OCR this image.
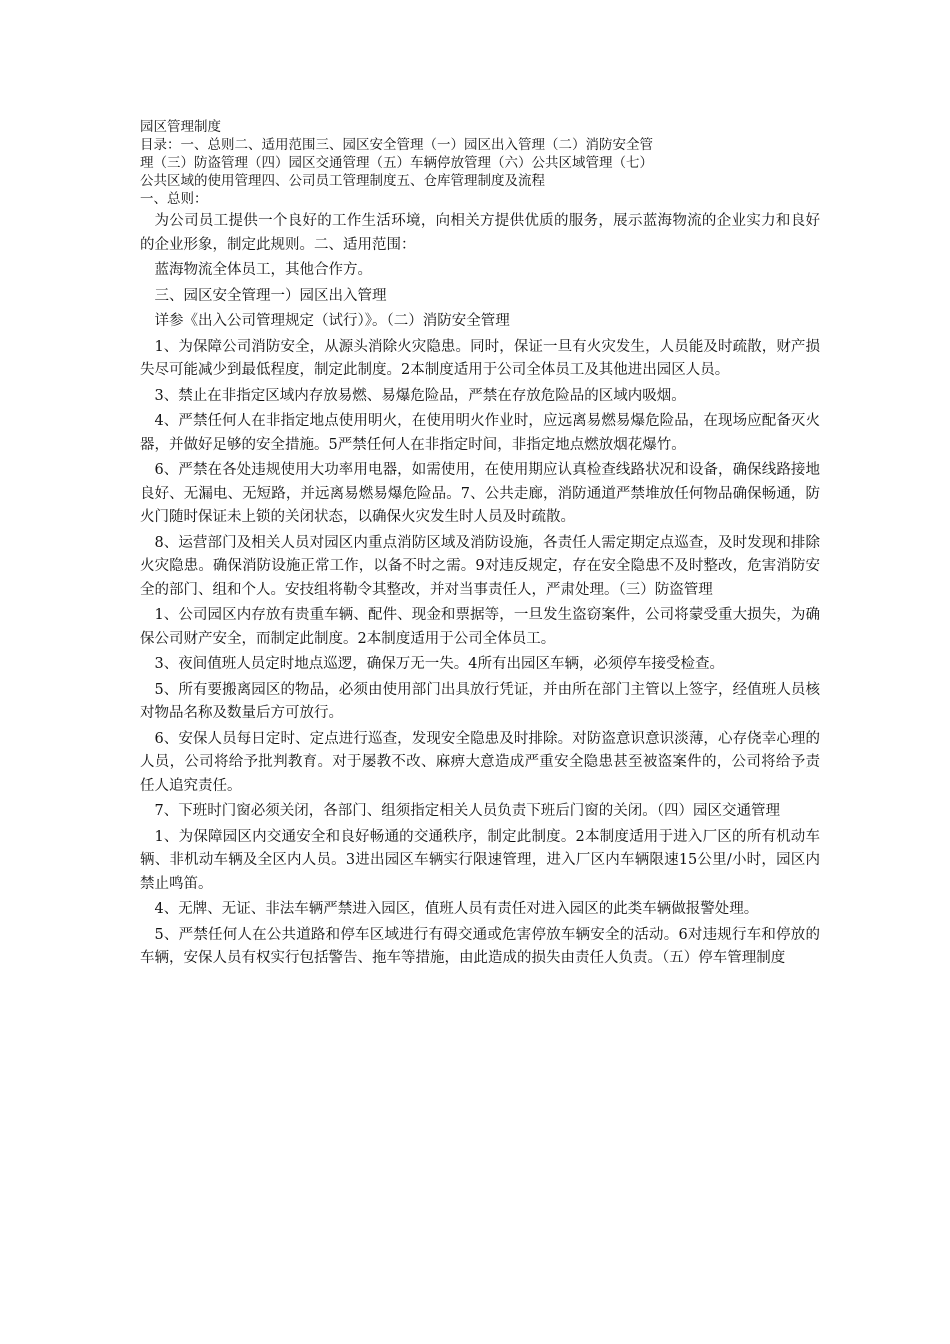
园区管理制度
目录：一、总则二、适用范围三、园区安全管理（一）园区出入管理（二）消防安全管
理（三）防盗管理（四）园区交通管理（五）车辆停放管理（六）公共区域管理（七）
公共区域的使用管理四、公司员工管理制度五、仓库管理制度及流程
一、总则：

为公司员工提供一个良好的工作生活环境，向相关方提供优质的服务，展示蓝海物流的企业实力和良好的企业形象，制定此规则。二、适用范围：

蓝海物流全体员工，其他合作方。

三、园区安全管理一）园区出入管理

详参《出入公司管理规定（试行）》。（二）消防安全管理

1、为保障公司消防安全，从源头消除火灾隐患。同时，保证一旦有火灾发生，人员能及时疏散，财产损失尽可能减少到最低程度，制定此制度。2本制度适用于公司全体员工及其他进出园区人员。

3、禁止在非指定区域内存放易燃、易爆危险品，严禁在存放危险品的区域内吸烟。

4、严禁任何人在非指定地点使用明火，在使用明火作业时，应远离易燃易爆危险品，在现场应配备灭火器，并做好足够的安全措施。5严禁任何人在非指定时间，非指定地点燃放烟花爆竹。

6、严禁在各处违规使用大功率用电器，如需使用，在使用期应认真检查线路状况和设备，确保线路接地良好、无漏电、无短路，并远离易燃易爆危险品。7、公共走廊，消防通道严禁堆放任何物品确保畅通，防火门随时保证未上锁的关闭状态，以确保火灾发生时人员及时疏散。

8、运营部门及相关人员对园区内重点消防区域及消防设施，各责任人需定期定点巡查，及时发现和排除火灾隐患。确保消防设施正常工作，以备不时之需。9对违反规定，存在安全隐患不及时整改，危害消防安全的部门、组和个人。安技组将勒令其整改，并对当事责任人，严肃处理。（三）防盗管理

1、公司园区内存放有贵重车辆、配件、现金和票据等，一旦发生盗窃案件，公司将蒙受重大损失，为确保公司财产安全，而制定此制度。2本制度适用于公司全体员工。

3、夜间值班人员定时地点巡逻，确保万无一失。4所有出园区车辆，必须停车接受检查。

5、所有要搬离园区的物品，必须由使用部门出具放行凭证，并由所在部门主管以上签字，经值班人员核对物品名称及数量后方可放行。

6、安保人员每日定时、定点进行巡查，发现安全隐患及时排除。对防盗意识意识淡薄，心存侥幸心理的人员，公司将给予批判教育。对于屡教不改、麻痹大意造成严重安全隐患甚至被盗案件的，公司将给予责任人追究责任。

7、下班时门窗必须关闭，各部门、组须指定相关人员负责下班后门窗的关闭。（四）园区交通管理

1、为保障园区内交通安全和良好畅通的交通秩序，制定此制度。2本制度适用于进入厂区的所有机动车辆、非机动车辆及全区内人员。3进出园区车辆实行限速管理，进入厂区内车辆限速15公里/小时，园区内禁止鸣笛。

4、无牌、无证、非法车辆严禁进入园区，值班人员有责任对进入园区的此类车辆做报警处理。

5、严禁任何人在公共道路和停车区域进行有碍交通或危害停放车辆安全的活动。6对违规行车和停放的车辆，安保人员有权实行包括警告、拖车等措施，由此造成的损失由责任人负责。（五）停车管理制度
